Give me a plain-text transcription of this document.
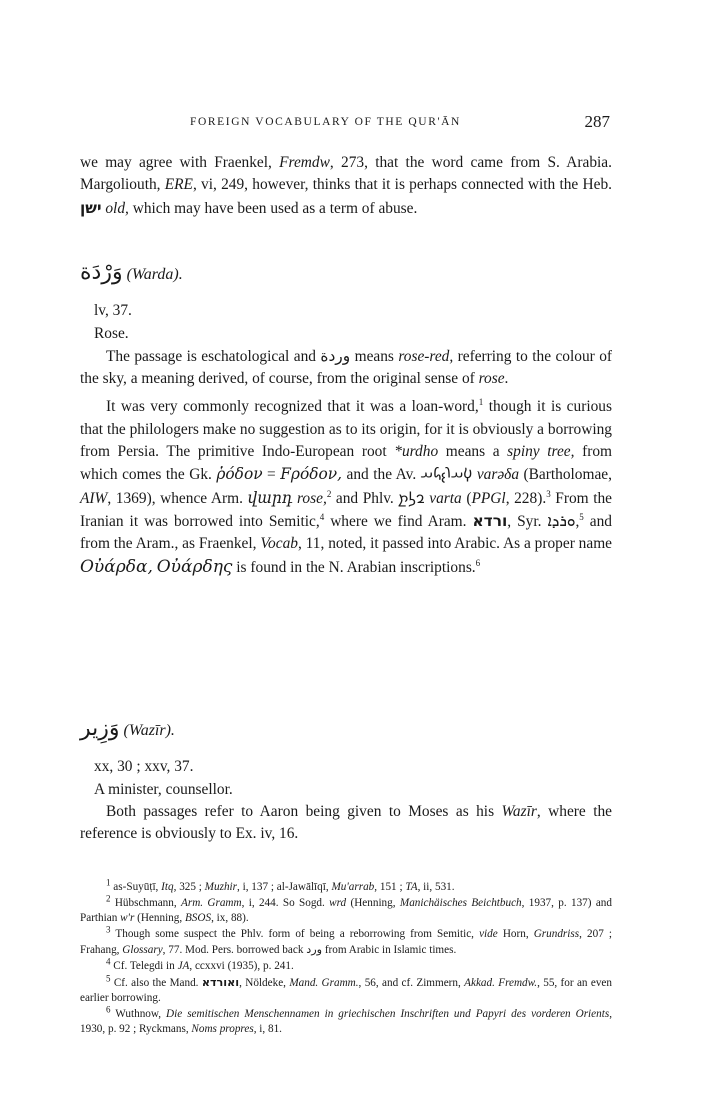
FOREIGN VOCABULARY OF THE QUR'ĀN	287

we may agree with Fraenkel, Fremdw, 273, that the word came from S. Arabia. Margoliouth, ERE, vi, 249, however, thinks that it is perhaps connected with the Heb. ישן old, which may have been used as a term of abuse.

وَرْدَة (Warda).

lv, 37.

Rose.

The passage is eschatological and وردة means rose-red, referring to the colour of the sky, a meaning derived, of course, from the original sense of rose.

It was very commonly recognized that it was a loan-word,$^1$ though it is curious that the philologers make no suggestion as to its origin, for it is obviously a borrowing from Persia. The primitive Indo-European root *urdho means a spiny tree, from which comes the Gk. ῥόδον = Fρόδον, and the Av. 𐬬𐬀𐬭𐬆𐬜𐬀 varəδa (Bartholomae, AIW, 1369), whence Arm. վարդ rose,$^2$ and Phlv. 𐭥𐭫𐭲 varta (PPGl, 228).$^3$ From the Iranian it was borrowed into Semitic,$^4$ where we find Aram. ורדא, Syr. ܘܪܕܐ,$^5$ and from the Aram., as Fraenkel, Vocab, 11, noted, it passed into Arabic. As a proper name Οὐάρδα, Οὐάρδης is found in the N. Arabian inscriptions.$^6$

وَزِير (Wazīr).

xx, 30 ; xxv, 37.

A minister, counsellor.

Both passages refer to Aaron being given to Moses as his Wazīr, where the reference is obviously to Ex. iv, 16.

$^1$ as-Suyūṭī, Itq, 325 ; Muzhir, i, 137 ; al-Jawālīqī, Mu'arrab, 151 ; TA, ii, 531.

$^2$ Hübschmann, Arm. Gramm, i, 244. So Sogd. wrd (Henning, Manichäisches Beichtbuch, 1937, p. 137) and Parthian w'r (Henning, BSOS, ix, 88).

$^3$ Though some suspect the Phlv. form of being a reborrowing from Semitic, vide Horn, Grundriss, 207 ; Frahang, Glossary, 77. Mod. Pers. borrowed back ورد from Arabic in Islamic times.

$^4$ Cf. Telegdi in JA, ccxxvi (1935), p. 241.

$^5$ Cf. also the Mand. ואורדא, Nöldeke, Mand. Gramm., 56, and cf. Zimmern, Akkad. Fremdw., 55, for an even earlier borrowing.

$^6$ Wuthnow, Die semitischen Menschennamen in griechischen Inschriften und Papyri des vorderen Orients, 1930, p. 92 ; Ryckmans, Noms propres, i, 81.
